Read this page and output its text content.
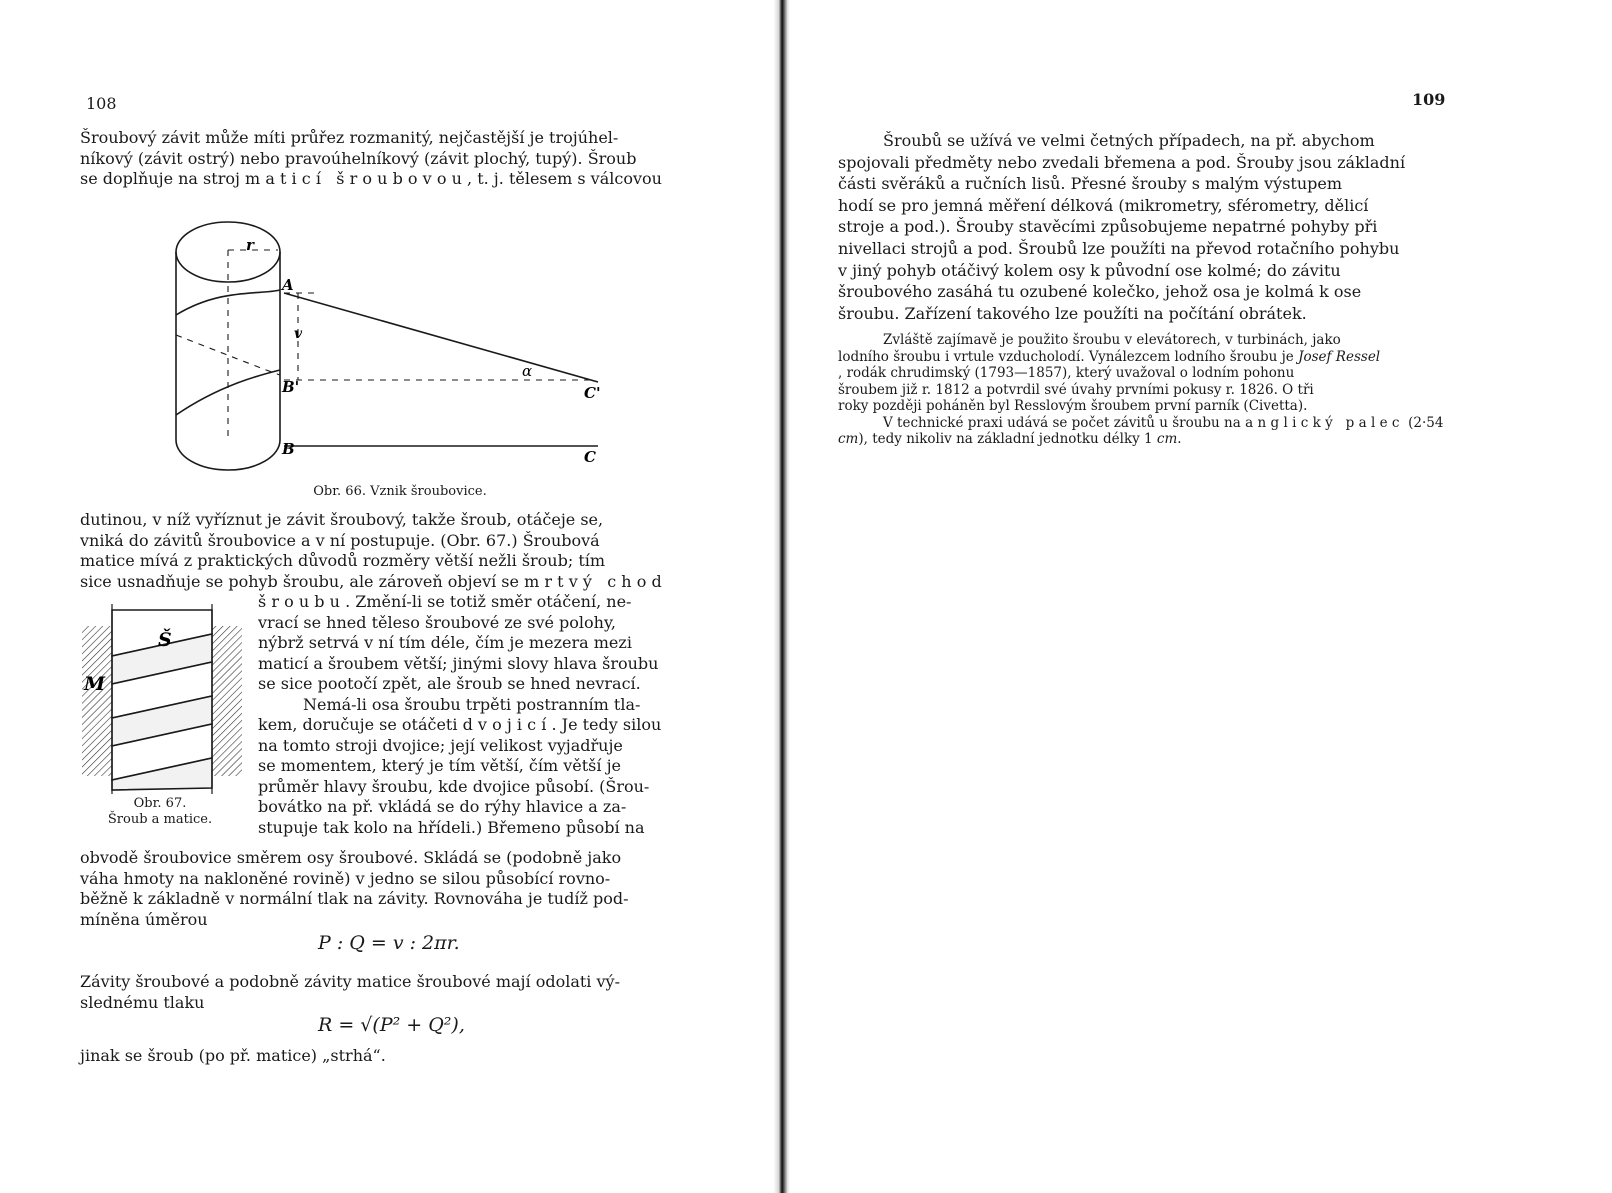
108

Šroubový závit může míti průřez rozmanitý, nejčastější je trojúhel-

níkový (závit ostrý) nebo pravoúhelníkový (závit plochý, tupý). Šroub

se doplňuje na stroj maticí šroubovou, t. j. tělesem s válcovou

r
A
v
α
B'	C'
B	C
Obr. 66. Vznik šroubovice.

dutinou, v níž vyříznut je závit šroubový, takže šroub, otáčeje se,

vniká do závitů šroubovice a v ní postupuje. (Obr. 67.) Šroubová

matice mívá z praktických důvodů rozměry větší nežli šroub; tím

sice usnadňuje se pohyb šroubu, ale zároveň objeví se mrtvý chod

Š
M
Obr. 67.
Šroub a matice.

šroubu. Změní-li se totiž směr otáčení, ne-

vrací se hned těleso šroubové ze své polohy,

nýbrž setrvá v ní tím déle, čím je mezera mezi

maticí a šroubem větší; jinými slovy hlava šroubu

se sice pootočí zpět, ale šroub se hned nevrací.

Nemá-li osa šroubu trpěti postranním tla-

kem, doručuje se otáčeti dvojicí. Je tedy silou

na tomto stroji dvojice; její velikost vyjadřuje

se momentem, který je tím větší, čím větší je

průměr hlavy šroubu, kde dvojice působí. (Šrou-

bovátko na př. vkládá se do rýhy hlavice a za-

stupuje tak kolo na hřídeli.) Břemeno působí na

obvodě šroubovice směrem osy šroubové. Skládá se (podobně jako

váha hmoty na nakloněné rovině) v jedno se silou působící rovno-

běžně k základně v normální tlak na závity. Rovnováha je tudíž pod-

míněna úměrou

P : Q = v : 2πr.

Závity šroubové a podobně závity matice šroubové mají odolati vý-

slednému tlaku

R = √(P² + Q²),

jinak se šroub (po př. matice) „strhá“.

109

Šroubů se užívá ve velmi četných případech, na př. abychom

spojovali předměty nebo zvedali břemena a pod. Šrouby jsou základní

části svěráků a ručních lisů. Přesné šrouby s malým výstupem

hodí se pro jemná měření délková (mikrometry, sférometry, dělicí

stroje a pod.). Šrouby stavěcími způsobujeme nepatrné pohyby při

nivellaci strojů a pod. Šroubů lze použíti na převod rotačního pohybu

v jiný pohyb otáčivý kolem osy k původní ose kolmé; do závitu

šroubového zasáhá tu ozubené kolečko, jehož osa je kolmá k ose

šroubu. Zařízení takového lze použíti na počítání obrátek.

Zvláště zajímavě je použito šroubu v elevátorech, v turbinách, jako

lodního šroubu i vrtule vzducholodí. Vynálezcem lodního šroubu je Josef Ressel

, rodák chrudimský (1793—1857), který uvažoval o lodním pohonu

šroubem již r. 1812 a potvrdil své úvahy prvními pokusy r. 1826. O tři

roky později poháněn byl Resslovým šroubem první parník (Civetta).

V technické praxi udává se počet závitů u šroubu na anglický palec (2·54 cm), tedy nikoliv na základní jednotku délky 1 cm.
